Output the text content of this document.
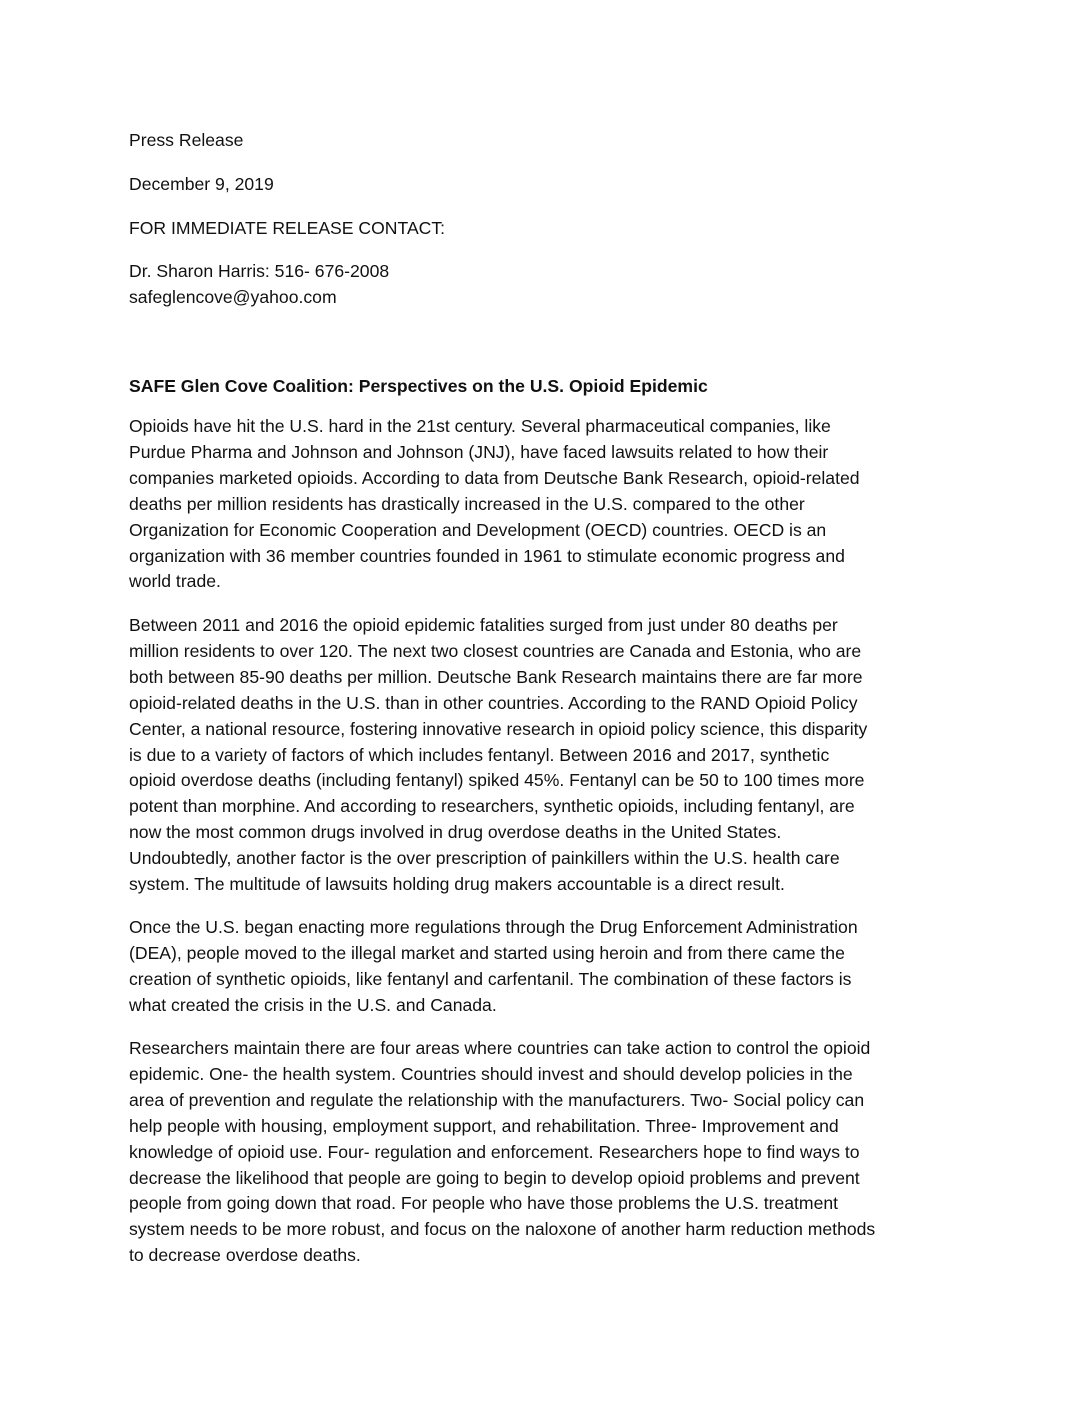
Press Release

December 9, 2019

FOR IMMEDIATE RELEASE CONTACT:

Dr. Sharon Harris: 516- 676-2008
safeglencove@yahoo.com

SAFE Glen Cove Coalition: Perspectives on the U.S. Opioid Epidemic

Opioids have hit the U.S. hard in the 21st century. Several pharmaceutical companies, like
Purdue Pharma and Johnson and Johnson (JNJ), have faced lawsuits related to how their
companies marketed opioids. According to data from Deutsche Bank Research, opioid-related
deaths per million residents has drastically increased in the U.S. compared to the other
Organization for Economic Cooperation and Development (OECD) countries. OECD is an
organization with 36 member countries founded in 1961 to stimulate economic progress and
world trade.
Between 2011 and 2016 the opioid epidemic fatalities surged from just under 80 deaths per
million residents to over 120. The next two closest countries are Canada and Estonia, who are
both between 85-90 deaths per million. Deutsche Bank Research maintains there are far more
opioid-related deaths in the U.S. than in other countries. According to the RAND Opioid Policy
Center, a national resource, fostering innovative research in opioid policy science, this disparity
is due to a variety of factors of which includes fentanyl. Between 2016 and 2017, synthetic
opioid overdose deaths (including fentanyl) spiked 45%. Fentanyl can be 50 to 100 times more
potent than morphine. And according to researchers, synthetic opioids, including fentanyl, are
now the most common drugs involved in drug overdose deaths in the United States.
Undoubtedly, another factor is the over prescription of painkillers within the U.S. health care
system. The multitude of lawsuits holding drug makers accountable is a direct result.
Once the U.S. began enacting more regulations through the Drug Enforcement Administration
(DEA), people moved to the illegal market and started using heroin and from there came the
creation of synthetic opioids, like fentanyl and carfentanil. The combination of these factors is
what created the crisis in the U.S. and Canada.
Researchers maintain there are four areas where countries can take action to control the opioid
epidemic. One- the health system. Countries should invest and should develop policies in the
area of prevention and regulate the relationship with the manufacturers. Two- Social policy can
help people with housing, employment support, and rehabilitation. Three- Improvement and
knowledge of opioid use. Four- regulation and enforcement. Researchers hope to find ways to
decrease the likelihood that people are going to begin to develop opioid problems and prevent
people from going down that road. For people who have those problems the U.S. treatment
system needs to be more robust, and focus on the naloxone of another harm reduction methods
to decrease overdose deaths.
